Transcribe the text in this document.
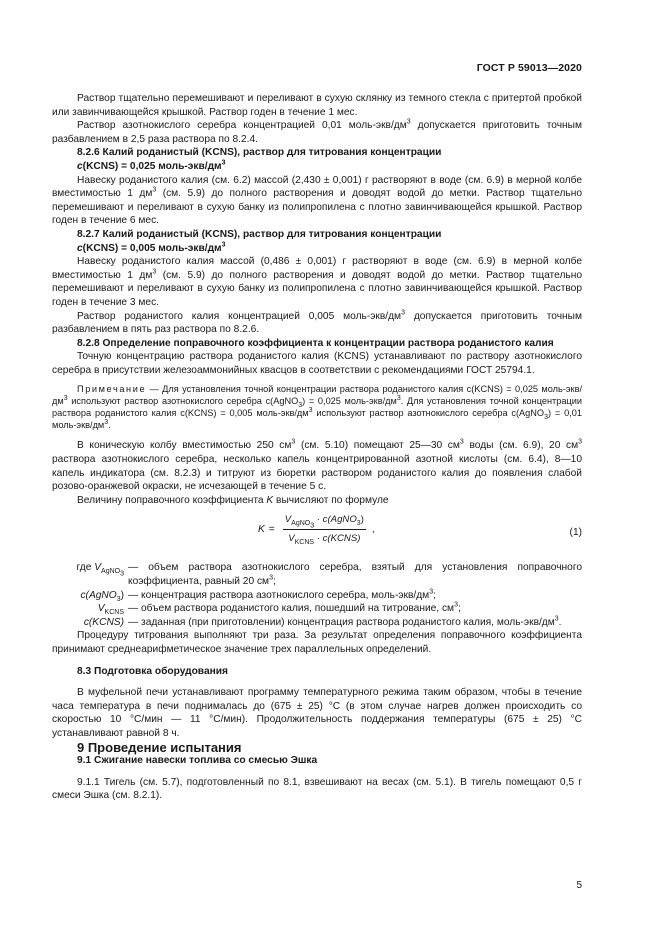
ГОСТ Р 59013—2020

Раствор тщательно перемешивают и переливают в сухую склянку из темного стекла с притертой пробкой или завинчивающейся крышкой. Раствор годен в течение 1 мес.

Раствор азотнокислого серебра концентрацией 0,01 моль-$экв/дм^3$ допускается приготовить точным разбавлением в 2,5 раза раствора по 8.2.4.

8.2.6 Калий роданистый (KCNS), раствор для титрования концентрации

c(KCNS) = 0,025 моль-$экв/дм^3$

Навеску роданистого калия (см. 6.2) массой (2,430 ± 0,001) г растворяют в воде (см. 6.9) в мерной колбе вместимостью 1 $дм^3$ (см. 5.9) до полного растворения и доводят водой до метки. Раствор тщательно перемешивают и переливают в сухую банку из полипропилена с плотно завинчивающейся крышкой. Раствор годен в течение 6 мес.

8.2.7 Калий роданистый (KCNS), раствор для титрования концентрации

c(KCNS) = 0,005 моль-$экв/дм^3$

Навеску роданистого калия массой (0,486 ± 0,001) г растворяют в воде (см. 6.9) в мерной колбе вместимостью 1 $дм^3$ (см. 5.9) до полного растворения и доводят водой до метки. Раствор тщательно перемешивают и переливают в сухую банку из полипропилена с плотно завинчивающейся крышкой. Раствор годен в течение 3 мес.

Раствор роданистого калия концентрацией 0,005 моль-$экв/дм^3$ допускается приготовить точным разбавлением в пять раз раствора по 8.2.6.

8.2.8 Определение поправочного коэффициента к концентрации раствора роданистого калия

Точную концентрацию раствора роданистого калия (KCNS) устанавливают по раствору азотнокислого серебра в присутствии железоаммонийных квасцов в соответствии с рекомендациями ГОСТ 25794.1.

Примечание — Для установления точной концентрации раствора роданистого калия c(KCNS) = 0,025 моль-$экв/дм^3$ используют раствор азотнокислого серебра c(AgNO$_3$) = 0,025 моль-$экв/дм^3$. Для установления точной концентрации раствора роданистого калия c(KCNS) = 0,005 моль-$экв/дм^3$ используют раствор азотнокислого серебра c(AgNO$_3$) = 0,01 моль-$экв/дм^3$.

В коническую колбу вместимостью 250 $см^3$ (см. 5.10) помещают 25—30 $см^3$ воды (см. 6.9), 20 $см^3$ раствора азотнокислого серебра, несколько капель концентрированной азотной кислоты (см. 6.4), 8—10 капель индикатора (см. 8.2.3) и титруют из бюретки раствором роданистого калия до появления слабой розово-оранжевой окраски, не исчезающей в течение 5 с.

Величину поправочного коэффициента K вычисляют по формуле

$K = \frac{V_{AgNO_3} \cdot c(AgNO_3)}{V_{KCNS} \cdot c(KCNS)}$ ,	(1)
где $V_{AgNO_3}$
— объем раствора азотнокислого серебра, взятый для установления поправочного коэффициента, равный 20 $см^3$;
c(AgNO$_3$) — концентрация раствора азотнокислого серебра, моль-$экв/дм^3$;
$V_{KCNS}$ — объем раствора роданистого калия, пошедший на титрование, $см^3$;
c(KCNS) — заданная (при приготовлении) концентрация раствора роданистого калия, моль-$экв/дм^3$.

Процедуру титрования выполняют три раза. За результат определения поправочного коэффициента принимают среднеарифметическое значение трех параллельных определений.

8.3 Подготовка оборудования

В муфельной печи устанавливают программу температурного режима таким образом, чтобы в течение часа температура в печи поднималась до (675 ± 25) °С (в этом случае нагрев должен происходить со скоростью 10 °С/мин — 11 °С/мин). Продолжительность поддержания температуры (675 ± 25) °С устанавливают равной 8 ч.

9 Проведение испытания

9.1 Сжигание навески топлива со смесью Эшка

9.1.1 Тигель (см. 5.7), подготовленный по 8.1, взвешивают на весах (см. 5.1). В тигель помещают 0,5 г смеси Эшка (см. 8.2.1).

5
